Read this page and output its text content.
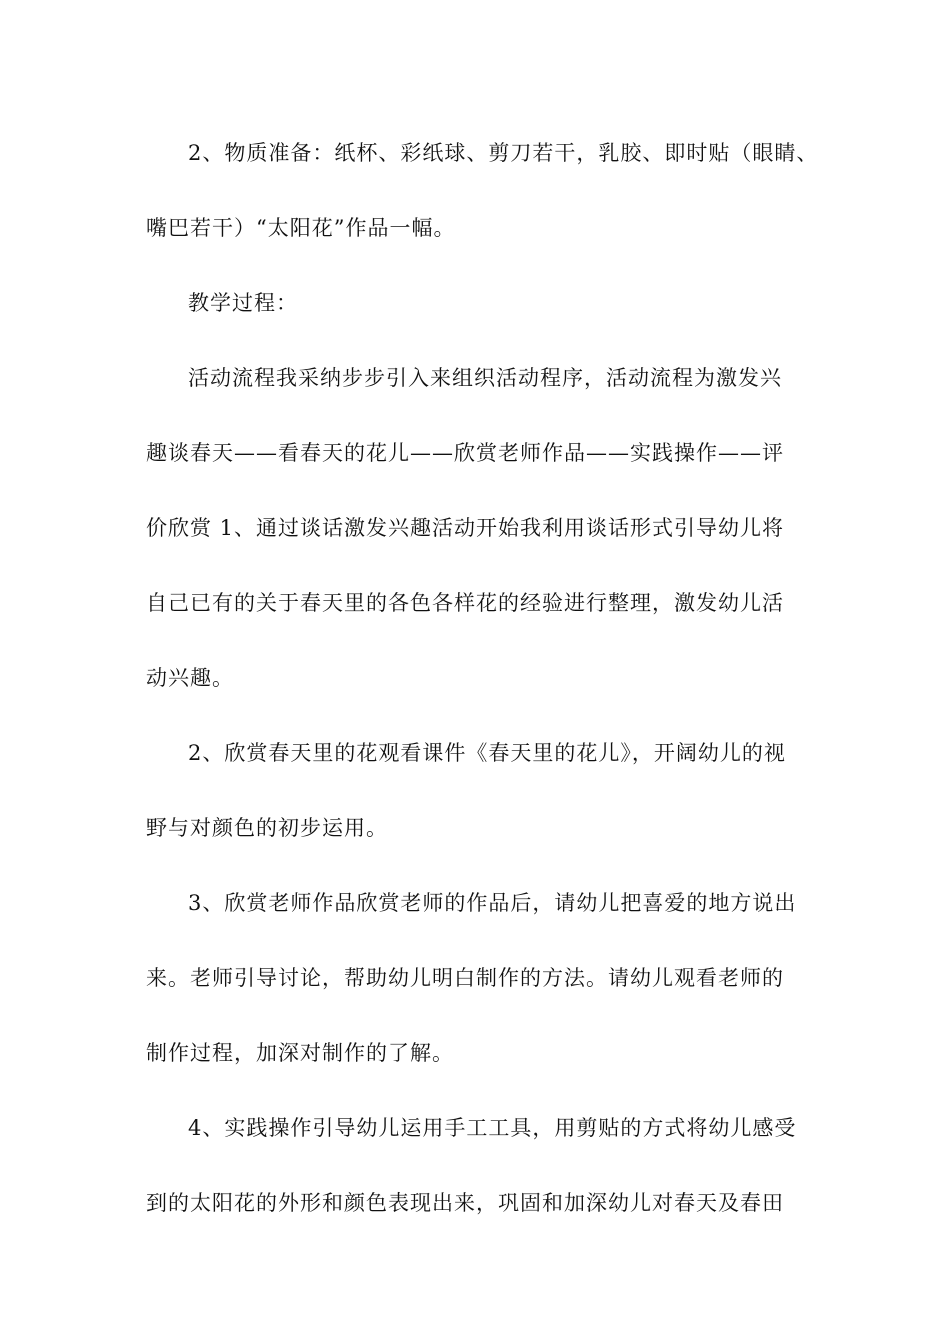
2、物质准备：纸杯、彩纸球、剪刀若干，乳胶、即时贴（眼睛、
嘴巴若干）“太阳花”作品一幅。
教学过程：
活动流程我采纳步步引入来组织活动程序，活动流程为激发兴
趣谈春天——看春天的花儿——欣赏老师作品——实践操作——评
价欣赏 1、通过谈话激发兴趣活动开始我利用谈话形式引导幼儿将
自己已有的关于春天里的各色各样花的经验进行整理，激发幼儿活
动兴趣。
2、欣赏春天里的花观看课件《春天里的花儿》，开阔幼儿的视
野与对颜色的初步运用。
3、欣赏老师作品欣赏老师的作品后，请幼儿把喜爱的地方说出
来。老师引导讨论，帮助幼儿明白制作的方法。请幼儿观看老师的
制作过程，加深对制作的了解。
4、实践操作引导幼儿运用手工工具，用剪贴的方式将幼儿感受
到的太阳花的外形和颜色表现出来，巩固和加深幼儿对春天及春田
